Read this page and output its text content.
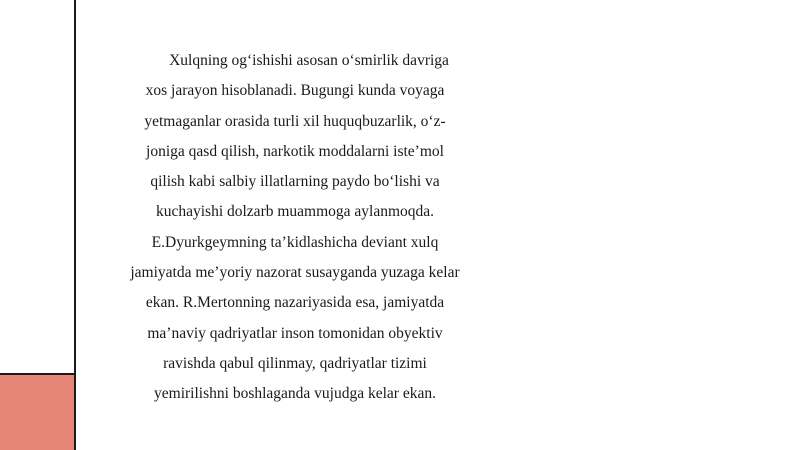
Xulqning og‘ishishi asosan o‘smirlik davriga
xos jarayon hisoblanadi. Bugungi kunda voyaga
yetmaganlar orasida turli xil huquqbuzarlik, o‘z-
joniga qasd qilish, narkotik moddalarni iste’mol
qilish kabi salbiy illatlarning paydo bo‘lishi va
kuchayishi dolzarb muammoga aylanmoqda.
E.Dyurkgeymning ta’kidlashicha deviant xulq
jamiyatda me’yoriy nazorat susayganda yuzaga kelar
ekan. R.Mertonning nazariyasida esa, jamiyatda
ma’naviy qadriyatlar inson tomonidan obyektiv
ravishda qabul qilinmay, qadriyatlar tizimi
yemirilishni boshlaganda vujudga kelar ekan.
